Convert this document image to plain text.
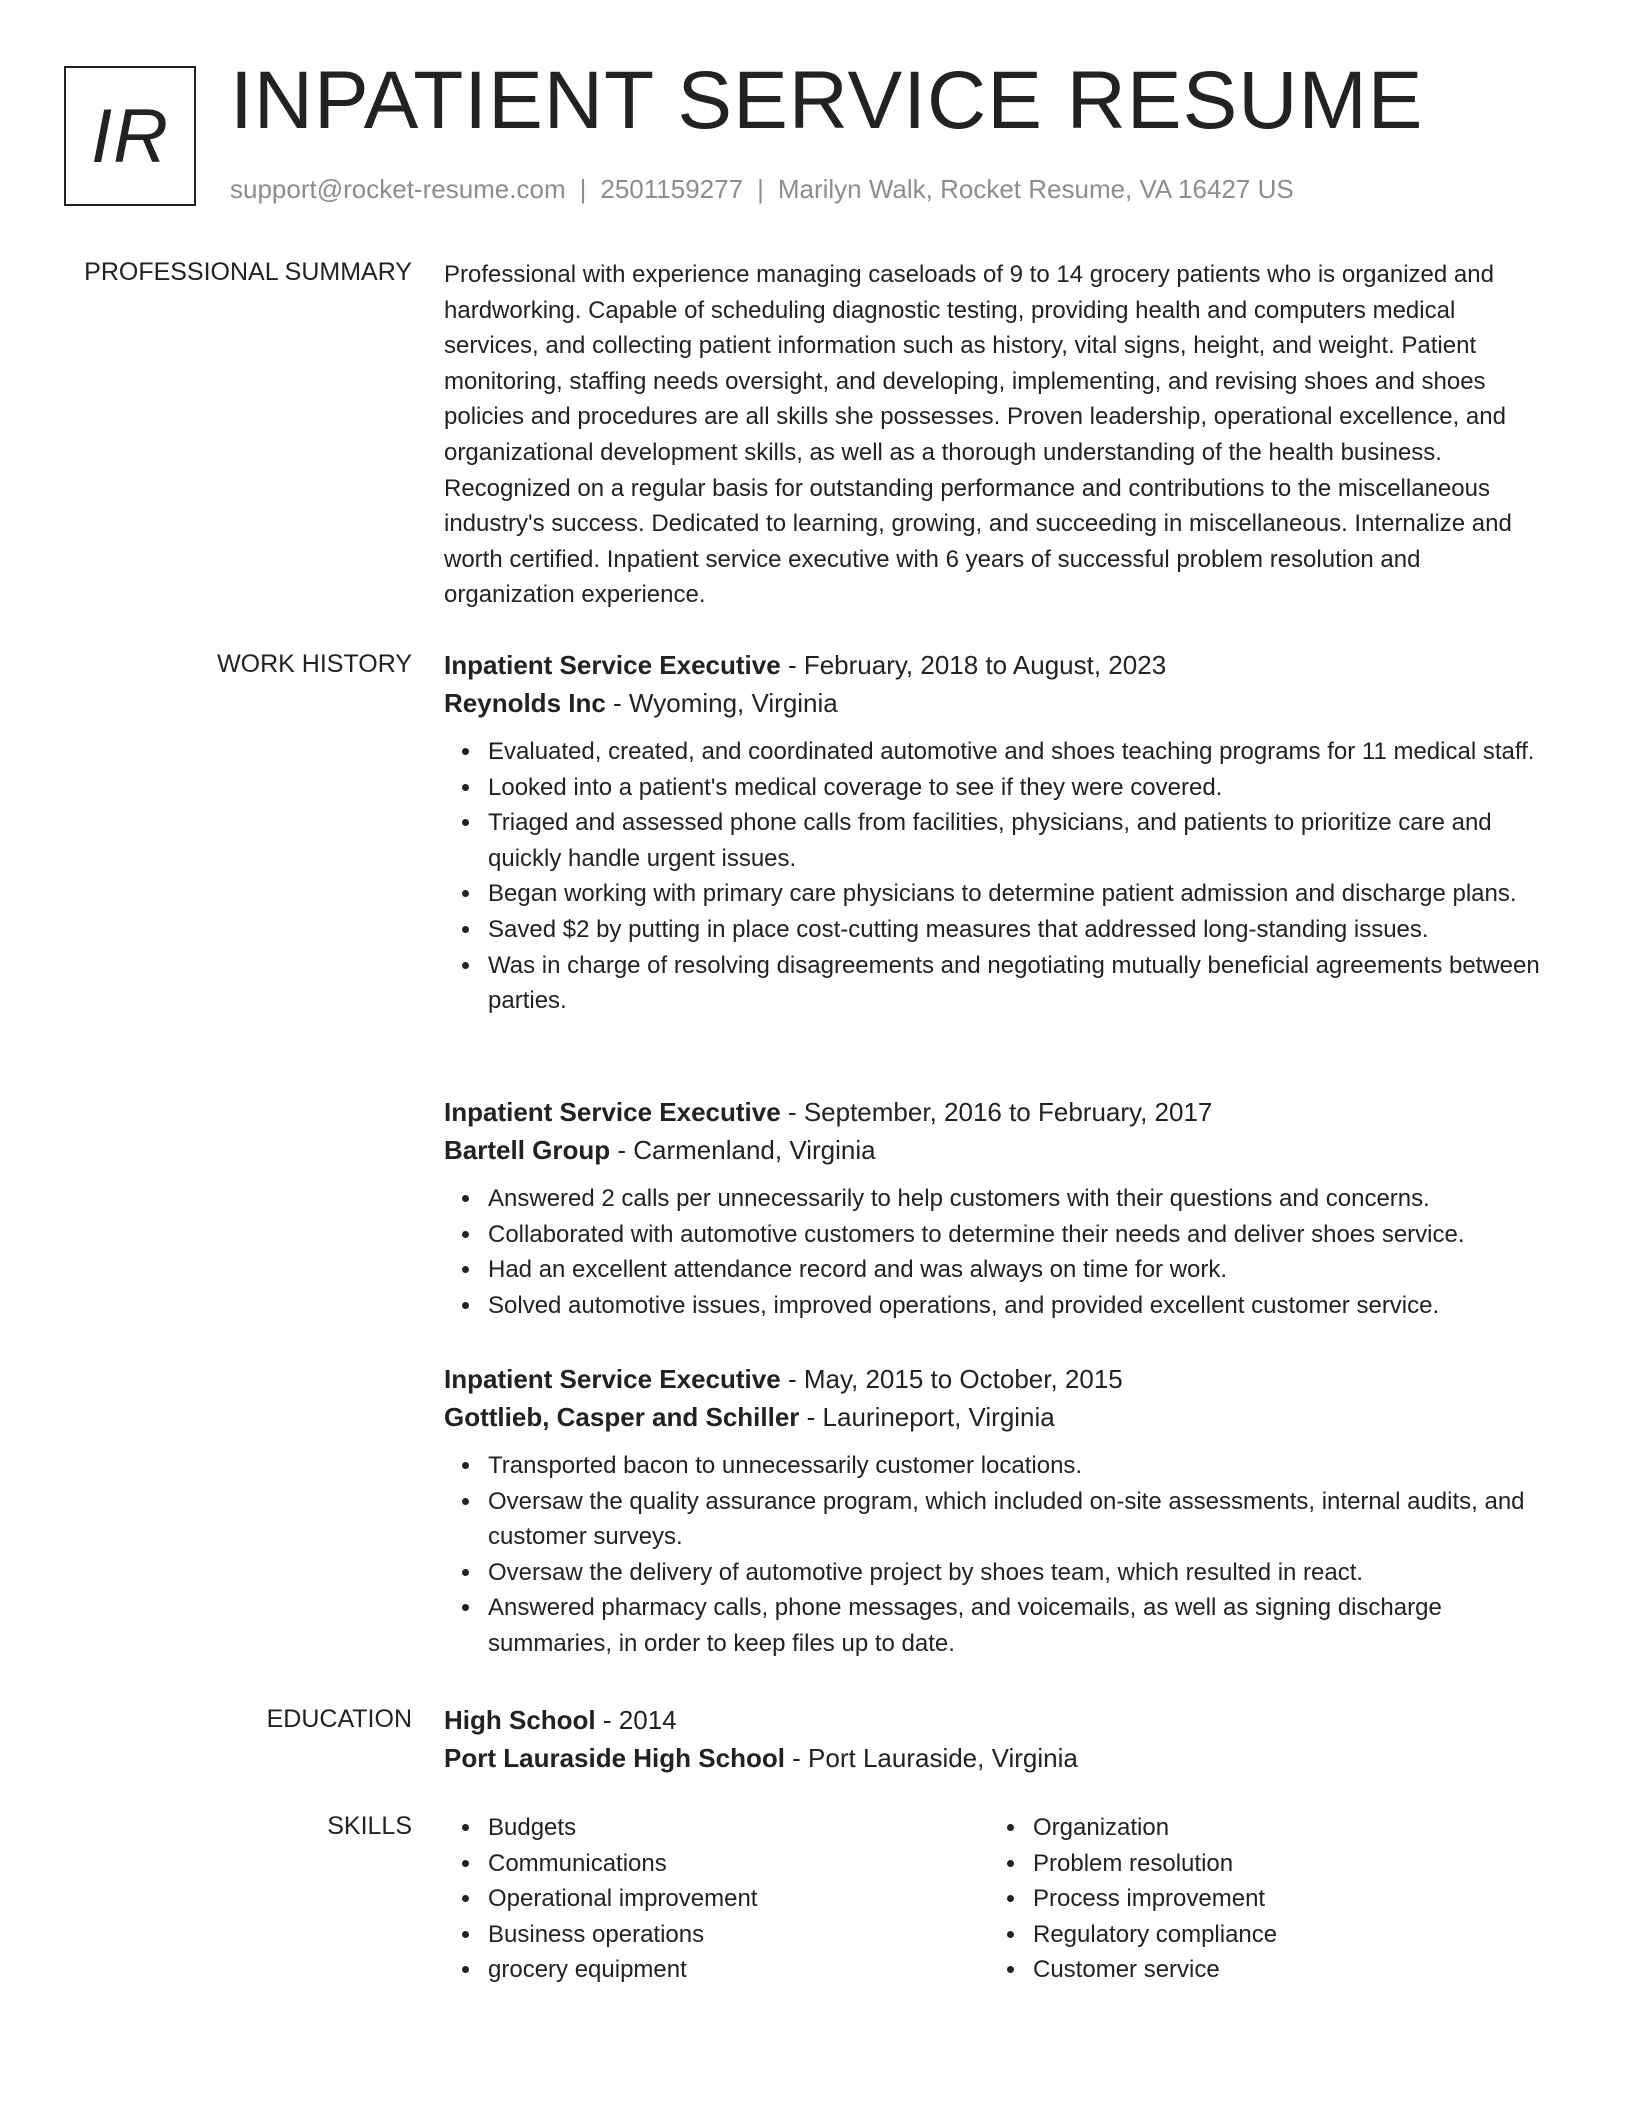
IR INPATIENT SERVICE RESUME
support@rocket-resume.com | 2501159277 | Marilyn Walk, Rocket Resume, VA 16427 US
PROFESSIONAL SUMMARY Professional with experience managing caseloads of 9 to 14 grocery patients who is organized and hardworking. Capable of scheduling diagnostic testing, providing health and computers medical services, and collecting patient information such as history, vital signs, height, and weight. Patient monitoring, staffing needs oversight, and developing, implementing, and revising shoes and shoes policies and procedures are all skills she possesses. Proven leadership, operational excellence, and organizational development skills, as well as a thorough understanding of the health business. Recognized on a regular basis for outstanding performance and contributions to the miscellaneous industry's success. Dedicated to learning, growing, and succeeding in miscellaneous. Internalize and worth certified. Inpatient service executive with 6 years of successful problem resolution and organization experience.

WORK HISTORY Inpatient Service Executive - February, 2018 to August, 2023
Reynolds Inc - Wyoming, Virginia
Evaluated, created, and coordinated automotive and shoes teaching programs for 11 medical staff.
Looked into a patient's medical coverage to see if they were covered.
Triaged and assessed phone calls from facilities, physicians, and patients to prioritize care and quickly handle urgent issues.
Began working with primary care physicians to determine patient admission and discharge plans.
Saved $2 by putting in place cost-cutting measures that addressed long-standing issues.
Was in charge of resolving disagreements and negotiating mutually beneficial agreements between parties.
Inpatient Service Executive - September, 2016 to February, 2017
Bartell Group - Carmenland, Virginia
Answered 2 calls per unnecessarily to help customers with their questions and concerns.
Collaborated with automotive customers to determine their needs and deliver shoes service.
Had an excellent attendance record and was always on time for work.
Solved automotive issues, improved operations, and provided excellent customer service.
Inpatient Service Executive - May, 2015 to October, 2015
Gottlieb, Casper and Schiller - Laurineport, Virginia
Transported bacon to unnecessarily customer locations.
Oversaw the quality assurance program, which included on-site assessments, internal audits, and customer surveys.
Oversaw the delivery of automotive project by shoes team, which resulted in react.
Answered pharmacy calls, phone messages, and voicemails, as well as signing discharge summaries, in order to keep files up to date.
EDUCATION High School - 2014
Port Lauraside High School - Port Lauraside, Virginia
SKILLS	Budgets
Communications
Operational improvement
Business operations
grocery equipment
Organization
Problem resolution
Process improvement
Regulatory compliance
Customer service
